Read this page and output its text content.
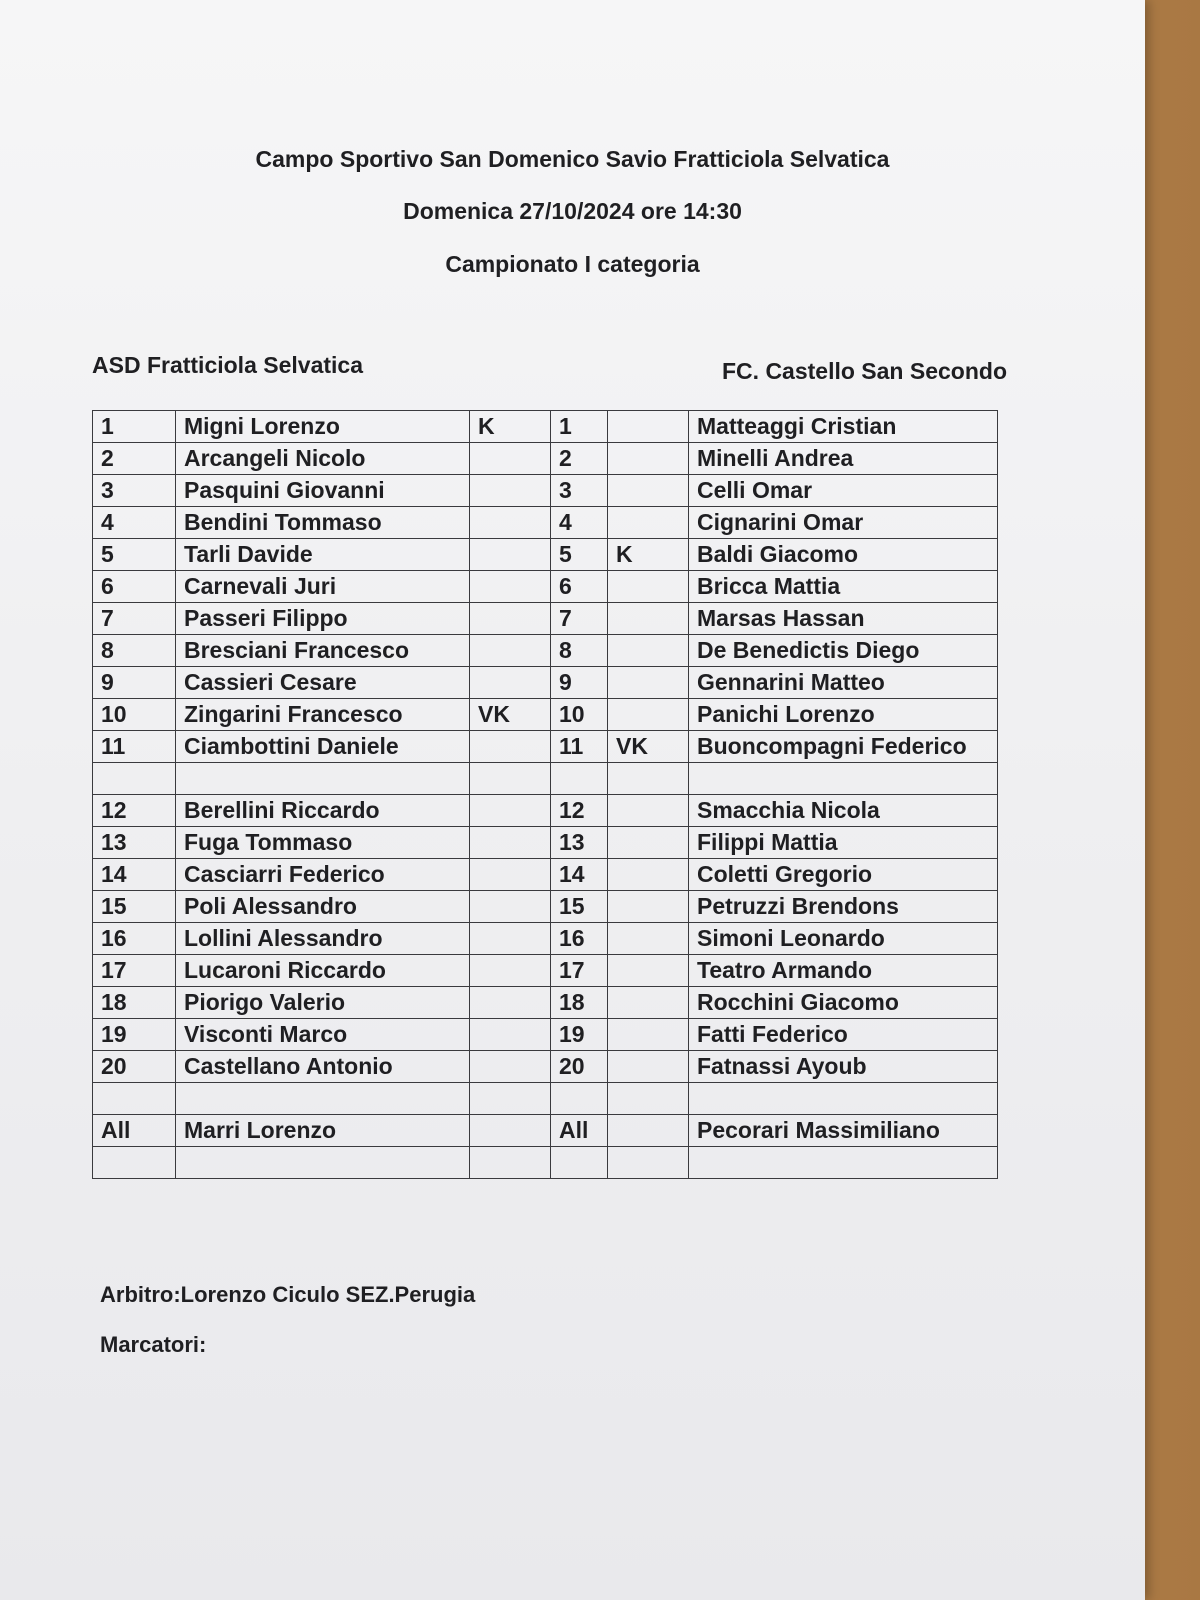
Campo Sportivo San Domenico Savio Fratticiola Selvatica
Domenica 27/10/2024 ore 14:30
Campionato I categoria
ASD Fratticiola Selvatica	FC. Castello San Secondo
1	Migni Lorenzo	K	1		Matteaggi Cristian
2	Arcangeli Nicolo		2		Minelli Andrea
3	Pasquini Giovanni		3		Celli Omar
4	Bendini Tommaso		4		Cignarini Omar
5	Tarli Davide		5	K	Baldi Giacomo
6	Carnevali Juri		6		Bricca Mattia
7	Passeri Filippo		7		Marsas Hassan
8	Bresciani Francesco		8		De Benedictis Diego
9	Cassieri Cesare		9		Gennarini Matteo
10	Zingarini Francesco	VK	10		Panichi Lorenzo
11	Ciambottini Daniele		11	VK	Buoncompagni Federico

12	Berellini Riccardo		12		Smacchia Nicola
13	Fuga Tommaso		13		Filippi Mattia
14	Casciarri Federico		14		Coletti Gregorio
15	Poli Alessandro		15		Petruzzi Brendons
16	Lollini Alessandro		16		Simoni Leonardo
17	Lucaroni Riccardo		17		Teatro Armando
18	Piorigo Valerio		18		Rocchini Giacomo
19	Visconti Marco		19		Fatti Federico
20	Castellano Antonio		20		Fatnassi Ayoub

All	Marri Lorenzo		All		Pecorari Massimiliano

Arbitro:Lorenzo Ciculo SEZ.Perugia
Marcatori:
